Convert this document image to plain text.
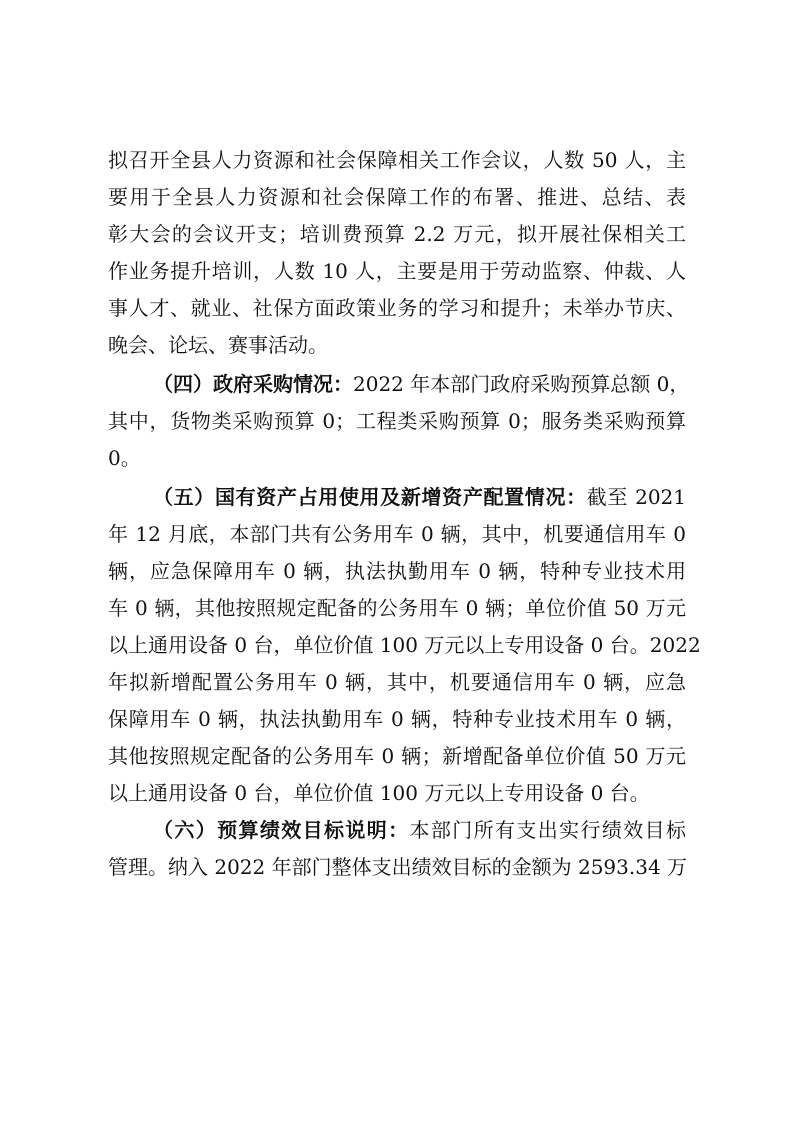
拟召开全县人力资源和社会保障相关工作会议，人数 50 人，主
要用于全县人力资源和社会保障工作的布署、推进、总结、表
彰大会的会议开支；培训费预算 2.2 万元，拟开展社保相关工
作业务提升培训，人数 10 人，主要是用于劳动监察、仲裁、人
事人才、就业、社保方面政策业务的学习和提升；未举办节庆、
晚会、论坛、赛事活动。
（四）政府采购情况：2022 年本部门政府采购预算总额 0，
其中，货物类采购预算 0；工程类采购预算 0；服务类采购预算
0。
（五）国有资产占用使用及新增资产配置情况：截至 2021
年 12 月底，本部门共有公务用车 0 辆，其中，机要通信用车 0
辆，应急保障用车 0 辆，执法执勤用车 0 辆，特种专业技术用
车 0 辆，其他按照规定配备的公务用车 0 辆；单位价值 50 万元
以上通用设备 0 台，单位价值 100 万元以上专用设备 0 台。2022
年拟新增配置公务用车 0 辆，其中，机要通信用车 0 辆，应急
保障用车 0 辆，执法执勤用车 0 辆，特种专业技术用车 0 辆，
其他按照规定配备的公务用车 0 辆；新增配备单位价值 50 万元
以上通用设备 0 台，单位价值 100 万元以上专用设备 0 台。
（六）预算绩效目标说明：本部门所有支出实行绩效目标
管理。纳入 2022 年部门整体支出绩效目标的金额为 2593.34 万
